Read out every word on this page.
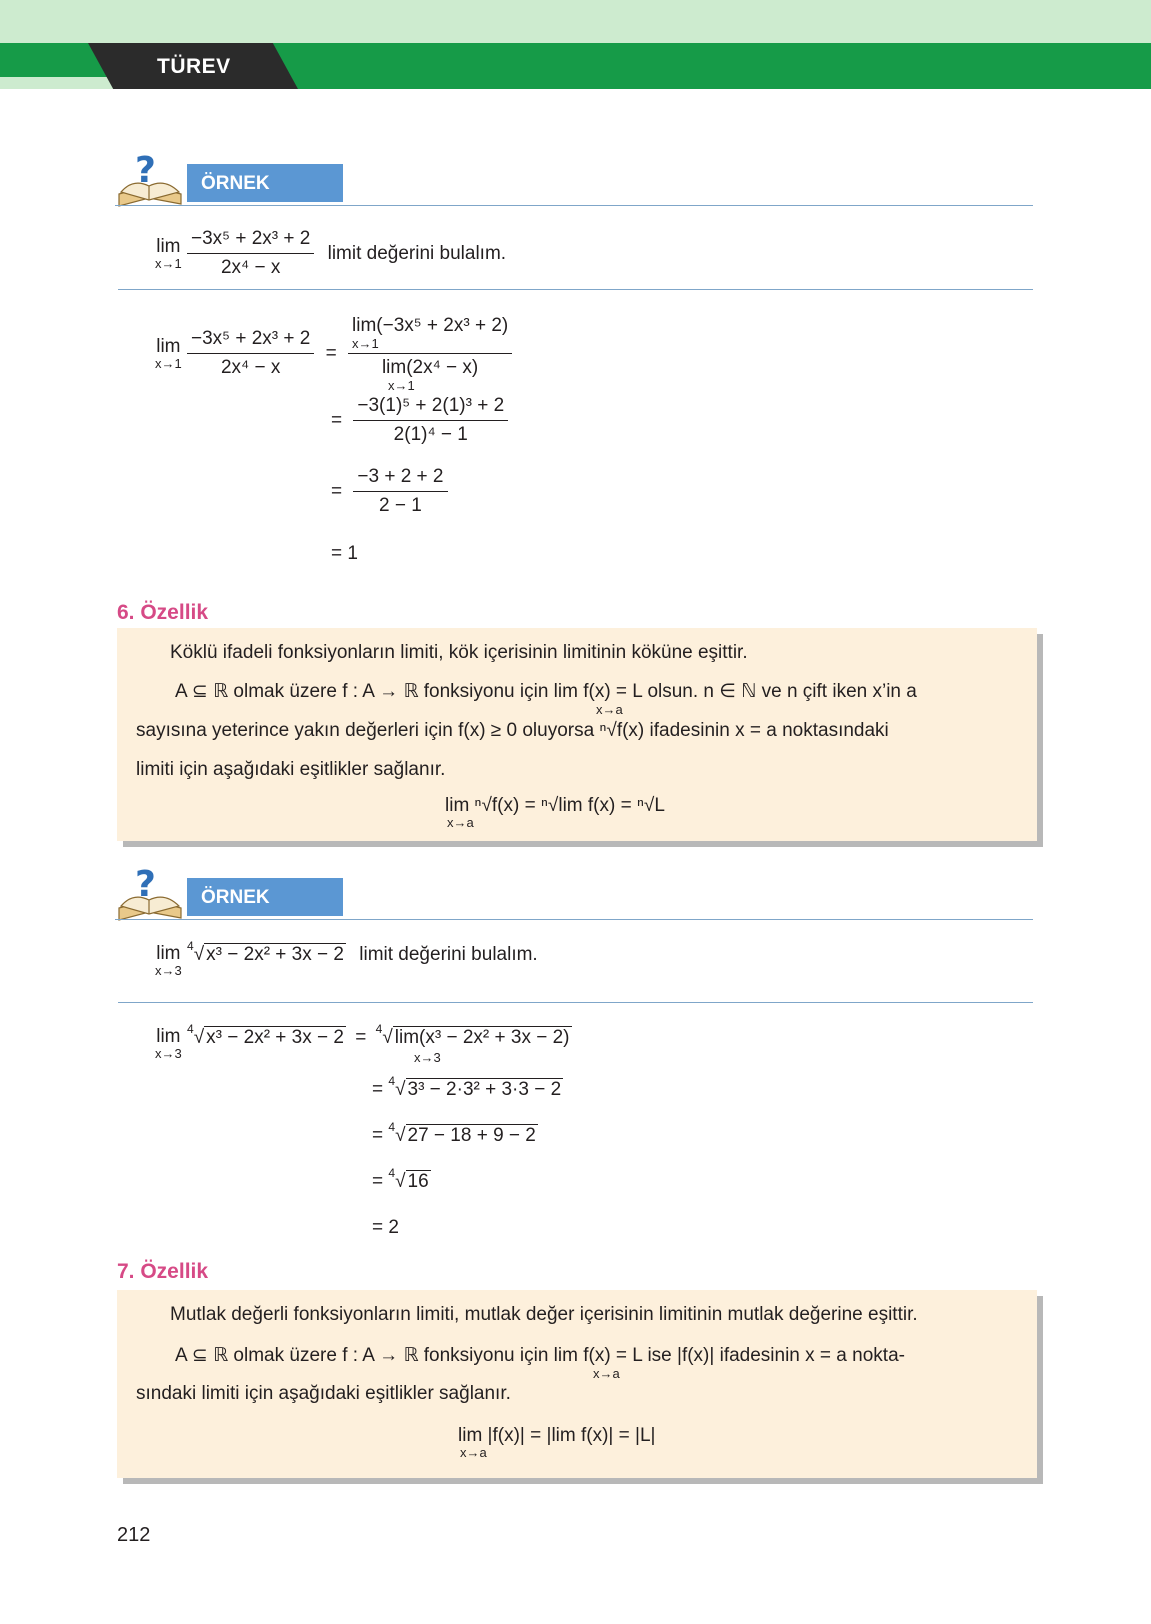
TÜREV
?	ÖRNEK
lim
x→1
$\frac{\text{−3x⁵ + 2x³ + 2}}{\text{2x⁴ − x}}$ limit değerini bulalım.
lim
x→1
$\frac{\text{−3x⁵ + 2x³ + 2}}{\text{2x⁴ − x}}$ =
lim(−3x⁵ + 2x³ + 2)

x→1
lim(2x⁴ − x)

x→1
= $\frac{\text{−3(1)⁵ + 2(1)³ + 2}}{\text{2(1)⁴ − 1}}$
= $\frac{-3 + 2 + 2}{2 - 1}$
= 1
6. Özellik

Köklü ifadeli fonksiyonların limiti, kök içerisinin limitinin köküne eşittir.

A ⊆ ℝ olmak üzere f : A → ℝ fonksiyonu için lim f(x) = L olsun. n ∈ ℕ ve n çift iken x’in a

x→a

sayısına yeterince yakın değerleri için f(x) ≥ 0 oluyorsa ⁿ√f(x) ifadesinin x = a noktasındaki

limiti için aşağıdaki eşitlikler sağlanır.

lim ⁿ√f(x) = ⁿ√lim f(x) = ⁿ√L

x→a

?	ÖRNEK
lim
x→3
$^4$√ x³ − 2x² + 3x − 2 limit değerini bulalım.
lim
x→3
$^4$√ x³ − 2x² + 3x − 2 = $^4$√ lim(x³ − 2x² + 3x − 2)
x→3
= $^4$√ 3³ − 2·3² + 3·3 − 2
= $^4$√ 27 − 18 + 9 − 2
= $^4$√ 16
= 2
7. Özellik

Mutlak değerli fonksiyonların limiti, mutlak değer içerisinin limitinin mutlak değerine eşittir.

A ⊆ ℝ olmak üzere f : A → ℝ fonksiyonu için lim f(x) = L ise |f(x)| ifadesinin x = a nokta-

x→a

sındaki limiti için aşağıdaki eşitlikler sağlanır.

lim |f(x)| = |lim f(x)| = |L|

x→a

212
